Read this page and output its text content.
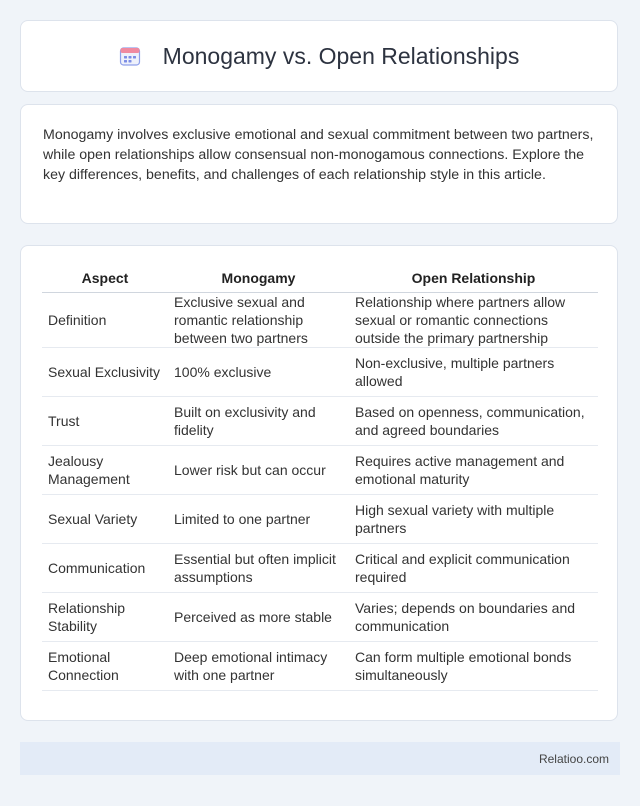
Monogamy vs. Open Relationships

Monogamy involves exclusive emotional and sexual commitment between two partners, while open relationships allow consensual non-monogamous connections. Explore the key differences, benefits, and challenges of each relationship style in this article.

Aspect	Monogamy	Open Relationship
Definition	Exclusive sexual and romantic relationship between two partners	Relationship where partners allow sexual or romantic connections outside the primary partnership
Sexual Exclusivity	100% exclusive	Non-exclusive, multiple partners allowed
Trust	Built on exclusivity and fidelity	Based on openness, communication, and agreed boundaries
Jealousy Management	Lower risk but can occur	Requires active management and emotional maturity
Sexual Variety	Limited to one partner	High sexual variety with multiple partners
Communication	Essential but often implicit assumptions	Critical and explicit communication required
Relationship Stability	Perceived as more stable	Varies; depends on boundaries and communication
Emotional Connection	Deep emotional intimacy with one partner	Can form multiple emotional bonds simultaneously
Relatioo.com
